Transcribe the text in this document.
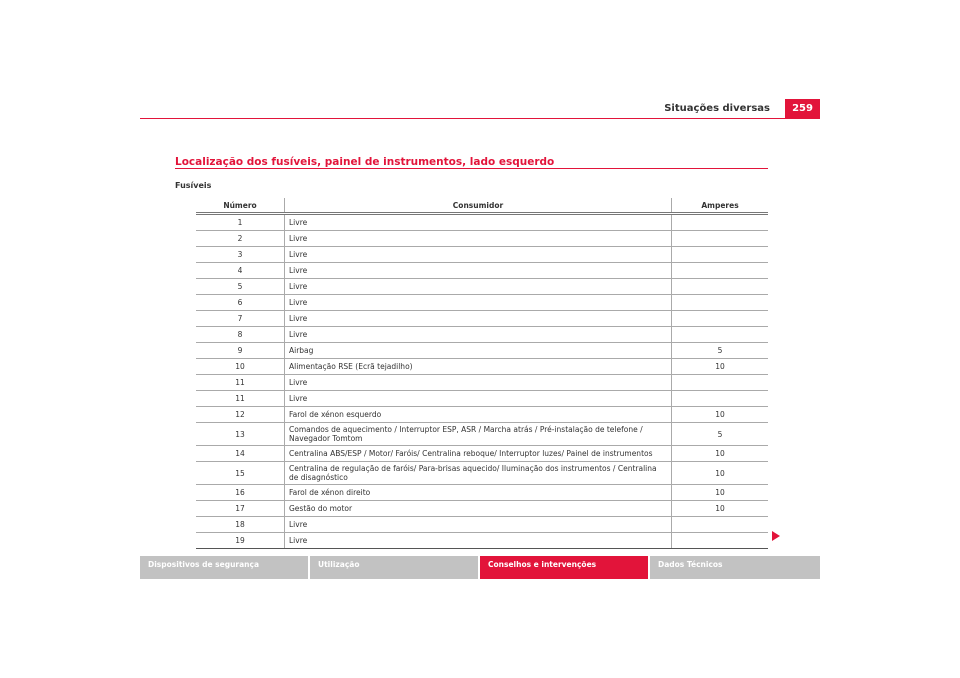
Situações diversas	259
Localização dos fusíveis, painel de instrumentos, lado esquerdo
Fusíveis
Número	Consumidor	Amperes
1	Livre	
2	Livre	
3	Livre	
4	Livre	
5	Livre	
6	Livre	
7	Livre	
8	Livre	
9	Airbag	5
10	Alimentação RSE (Ecrã tejadilho)	10
11	Livre	
11	Livre	
12	Farol de xénon esquerdo	10
13	Comandos de aquecimento / Interruptor ESP, ASR / Marcha atrás / Pré-instalação de telefone / Navegador Tomtom	5
14	Centralina ABS/ESP / Motor/ Faróis/ Centralina reboque/ Interruptor luzes/ Painel de instrumentos	10
15	Centralina de regulação de faróis/ Para-brisas aquecido/ Iluminação dos instrumentos / Centralina de disagnóstico	10
16	Farol de xénon direito	10
17	Gestão do motor	10
18	Livre	
19	Livre	
Dispositivos de segurança	Utilização	Conselhos e intervenções	Dados Técnicos
